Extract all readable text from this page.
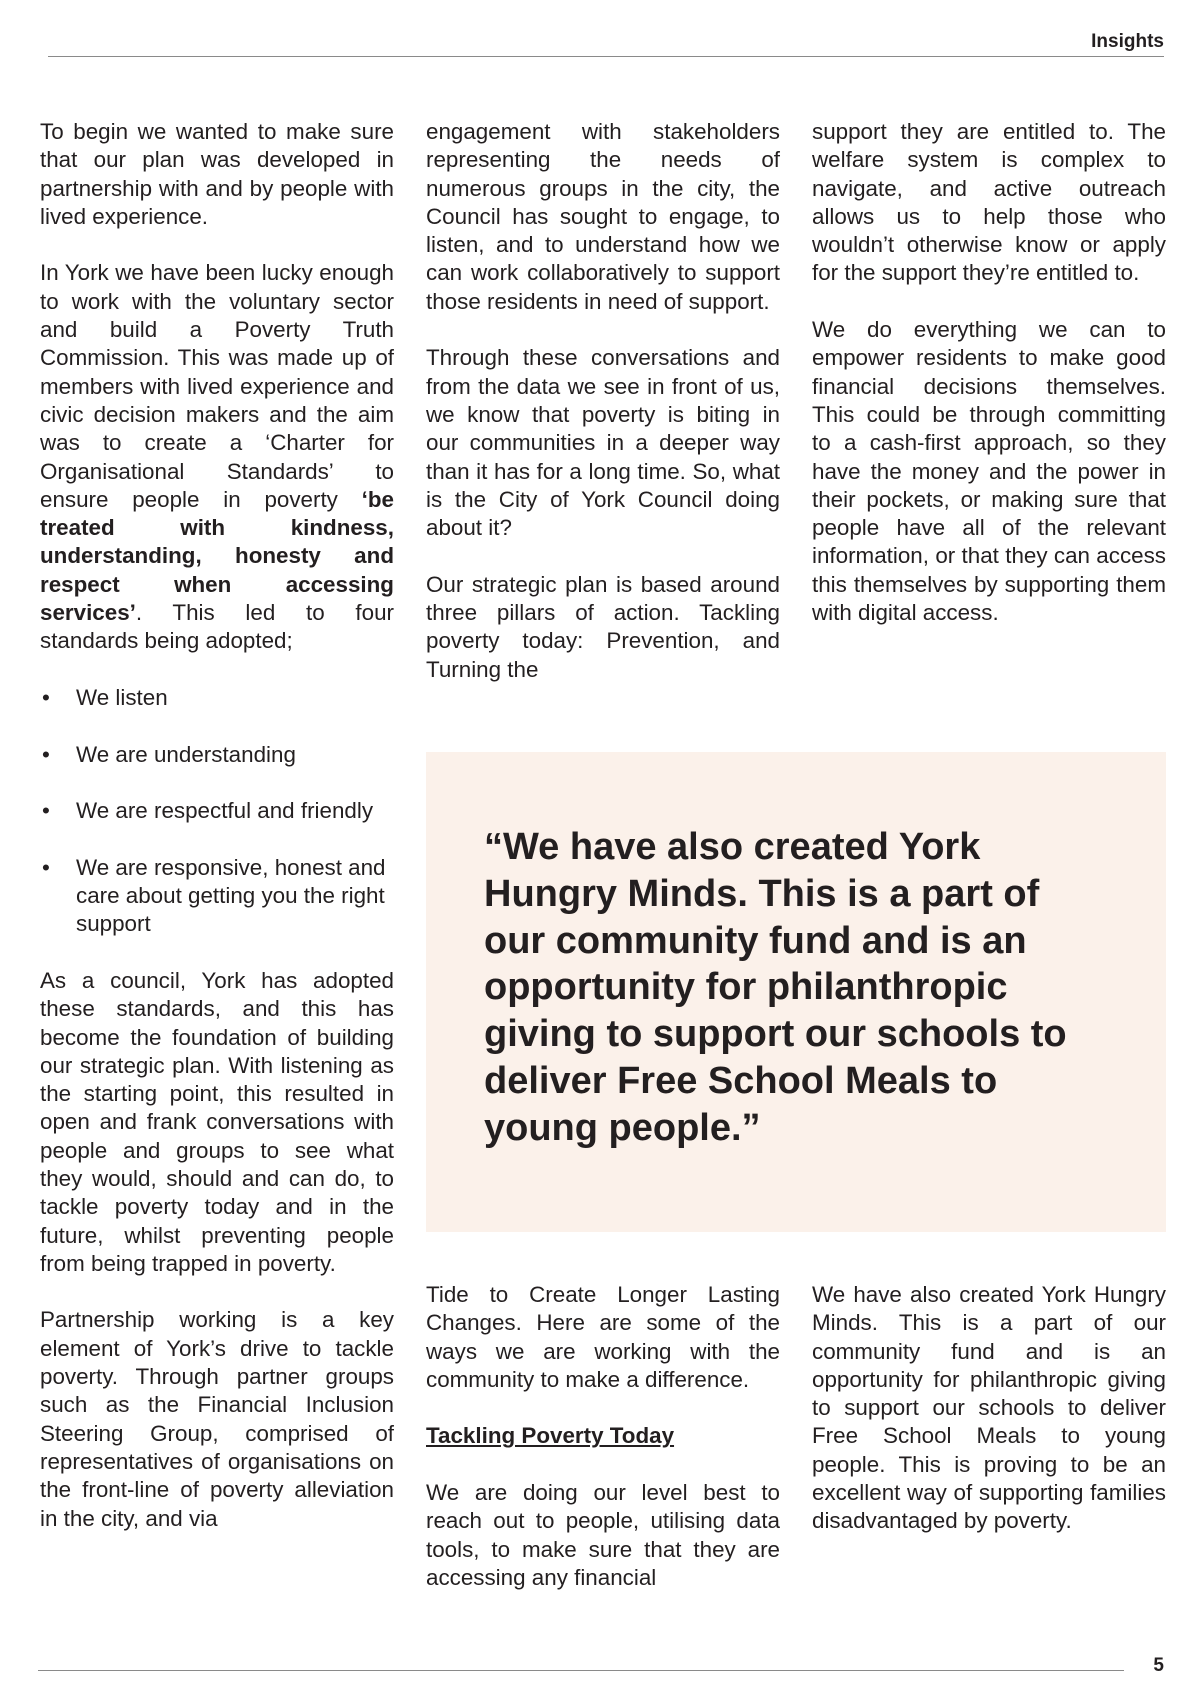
Insights

To begin we wanted to make sure that our plan was developed in partnership with and by people with lived experience.

In York we have been lucky enough to work with the voluntary sector and build a Poverty Truth Commission. This was made up of members with lived experience and civic decision makers and the aim was to create a ‘Charter for Organisational Standards’ to ensure people in poverty ‘be treated with kindness, understanding, honesty and respect when accessing services’. This led to four standards being adopted;

• We listen
• We are understanding
• We are respectful and friendly
• We are responsive, honest and care about getting you the right support

As a council, York has adopted these standards, and this has become the foundation of building our strategic plan. With listening as the starting point, this resulted in open and frank conversations with people and groups to see what they would, should and can do, to tackle poverty today and in the future, whilst preventing people from being trapped in poverty.

Partnership working is a key element of York’s drive to tackle poverty. Through partner groups such as the Financial Inclusion Steering Group, comprised of representatives of organisations on the front-line of poverty alleviation in the city, and via

engagement with stakeholders representing the needs of numerous groups in the city, the Council has sought to engage, to listen, and to understand how we can work collaboratively to support those residents in need of support.

Through these conversations and from the data we see in front of us, we know that poverty is biting in our communities in a deeper way than it has for a long time. So, what is the City of York Council doing about it?

Our strategic plan is based around three pillars of action. Tackling poverty today: Prevention, and Turning the

support they are entitled to. The welfare system is complex to navigate, and active outreach allows us to help those who wouldn’t otherwise know or apply for the support they’re entitled to.

We do everything we can to empower residents to make good financial decisions themselves. This could be through committing to a cash-first approach, so they have the money and the power in their pockets, or making sure that people have all of the relevant information, or that they can access this themselves by supporting them with digital access.

“We have also created York Hungry Minds. This is a part of our community fund and is an opportunity for philanthropic giving to support our schools to deliver Free School Meals to young people.”

Tide to Create Longer Lasting Changes. Here are some of the ways we are working with the community to make a difference.

Tackling Poverty Today

We are doing our level best to reach out to people, utilising data tools, to make sure that they are accessing any financial

We have also created York Hungry Minds. This is a part of our community fund and is an opportunity for philanthropic giving to support our schools to deliver Free School Meals to young people. This is proving to be an excellent way of supporting families disadvantaged by poverty.

5
